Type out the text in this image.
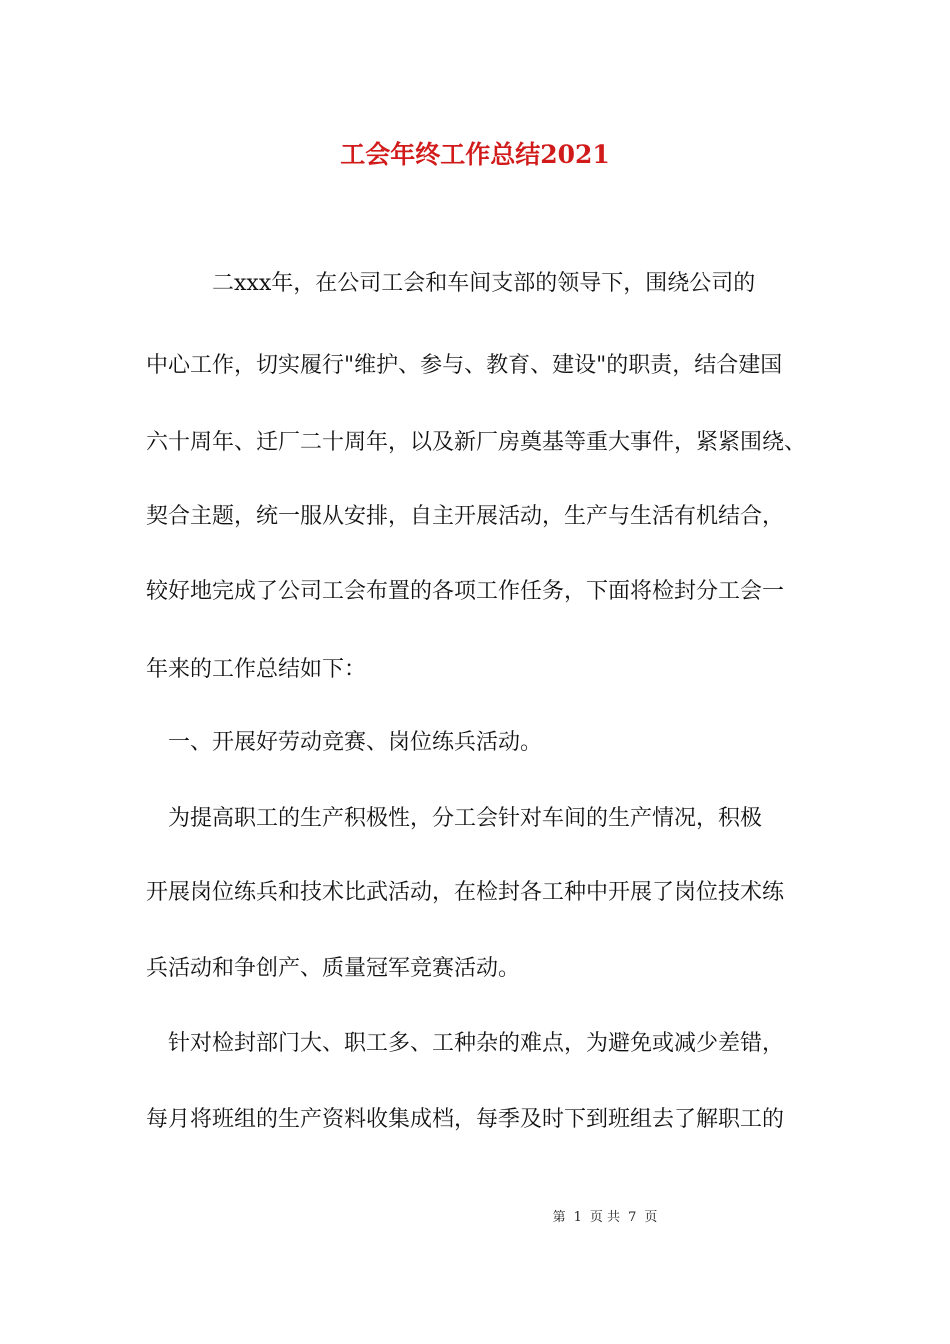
工会年终工作总结2021
　　　二xxx年，在公司工会和车间支部的领导下，围绕公司的
中心工作，切实履行"维护、参与、教育、建设"的职责，结合建国
六十周年、迁厂二十周年，以及新厂房奠基等重大事件，紧紧围绕、
契合主题，统一服从安排，自主开展活动，生产与生活有机结合，
较好地完成了公司工会布置的各项工作任务，下面将检封分工会一
年来的工作总结如下：
　一、开展好劳动竞赛、岗位练兵活动。
　为提高职工的生产积极性，分工会针对车间的生产情况，积极
开展岗位练兵和技术比武活动，在检封各工种中开展了岗位技术练
兵活动和争创产、质量冠军竞赛活动。
　针对检封部门大、职工多、工种杂的难点，为避免或减少差错，
每月将班组的生产资料收集成档，每季及时下到班组去了解职工的
第 1 页 共 7 页
